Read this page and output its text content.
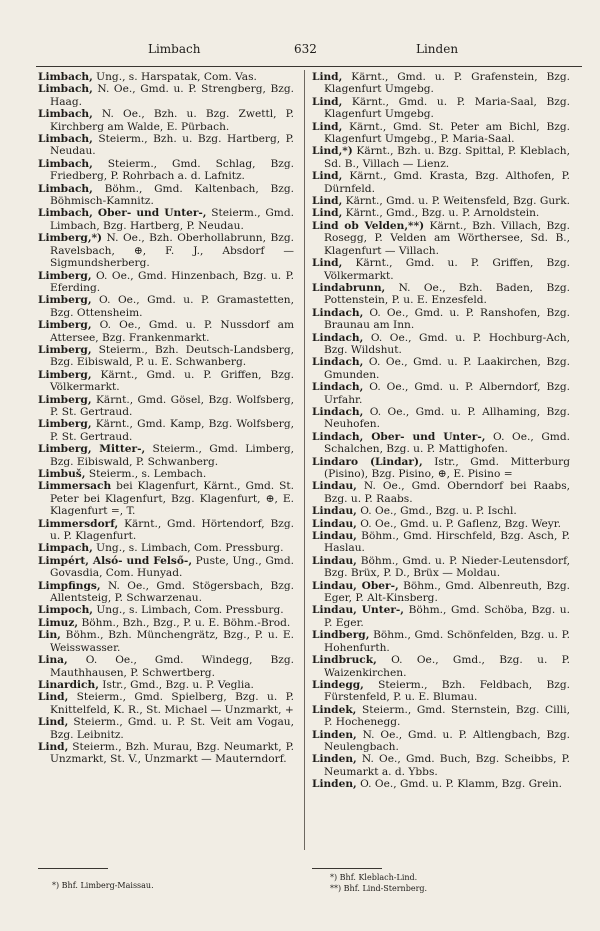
Limbach	632	Linden
Limbach, Ung., s. Harspatak, Com. Vas.
Limbach, N. Oe., Gmd. u. P. Strengberg, Bzg. Haag.
Limbach, N. Oe., Bzh. u. Bzg. Zwettl, P. Kirchberg am Walde, E. Pürbach.
Limbach, Steierm., Bzh. u. Bzg. Hartberg, P. Neudau.
Limbach, Steierm., Gmd. Schlag, Bzg. Friedberg, P. Rohrbach a. d. Lafnitz.
Limbach, Böhm., Gmd. Kaltenbach, Bzg. Böhmisch-Kamnitz.
Limbach, Ober- und Unter-, Steierm., Gmd. Limbach, Bzg. Hartberg, P. Neudau.
Limberg,*) N. Oe., Bzh. Oberhollabrunn, Bzg. Ravelsbach, ⊕, F. J., Absdorf — Sigmundsherberg.
Limberg, O. Oe., Gmd. Hinzenbach, Bzg. u. P. Eferding.
Limberg, O. Oe., Gmd. u. P. Gramastetten, Bzg. Ottensheim.
Limberg, O. Oe., Gmd. u. P. Nussdorf am Attersee, Bzg. Frankenmarkt.
Limberg, Steierm., Bzh. Deutsch-Landsberg, Bzg. Eibiswald, P. u. E. Schwanberg.
Limberg, Kärnt., Gmd. u. P. Griffen, Bzg. Völkermarkt.
Limberg, Kärnt., Gmd. Gösel, Bzg. Wolfsberg, P. St. Gertraud.
Limberg, Kärnt., Gmd. Kamp, Bzg. Wolfsberg, P. St. Gertraud.
Limberg, Mitter-, Steierm., Gmd. Limberg, Bzg. Eibiswald, P. Schwanberg.
Limbuš, Steierm., s. Lembach.
Limmersach bei Klagenfurt, Kärnt., Gmd. St. Peter bei Klagenfurt, Bzg. Klagenfurt, ⊕, E. Klagenfurt =, T.
Limmersdorf, Kärnt., Gmd. Hörtendorf, Bzg. u. P. Klagenfurt.
Limpach, Ung., s. Limbach, Com. Pressburg.
Limpért, Alsó- und Felső-, Puste, Ung., Gmd. Govasdia, Com. Hunyad.
Limpfings, N. Oe., Gmd. Stögersbach, Bzg. Allentsteig, P. Schwarzenau.
Limpoch, Ung., s. Limbach, Com. Pressburg.
Limuz, Böhm., Bzh., Bzg., P. u. E. Böhm.-Brod.
Lin, Böhm., Bzh. Münchengrätz, Bzg., P. u. E. Weisswasser.
Lina, O. Oe., Gmd. Windegg, Bzg. Mauthhausen, P. Schwertberg.
Linardich, Istr., Gmd., Bzg. u. P. Veglia.
Lind, Steierm., Gmd. Spielberg, Bzg. u. P. Knittelfeld, K. R., St. Michael — Unzmarkt, +
Lind, Steierm., Gmd. u. P. St. Veit am Vogau, Bzg. Leibnitz.
Lind, Steierm., Bzh. Murau, Bzg. Neumarkt, P. Unzmarkt, St. V., Unzmarkt — Mauterndorf.
Lind, Kärnt., Gmd. u. P. Grafenstein, Bzg. Klagenfurt Umgebg.
Lind, Kärnt., Gmd. u. P. Maria-Saal, Bzg. Klagenfurt Umgebg.
Lind, Kärnt., Gmd. St. Peter am Bichl, Bzg. Klagenfurt Umgebg., P. Maria-Saal.
Lind,*) Kärnt., Bzh. u. Bzg. Spittal, P. Kleblach, Sd. B., Villach — Lienz.
Lind, Kärnt., Gmd. Krasta, Bzg. Althofen, P. Dürnfeld.
Lind, Kärnt., Gmd. u. P. Weitensfeld, Bzg. Gurk.
Lind, Kärnt., Gmd., Bzg. u. P. Arnoldstein.
Lind ob Velden,**) Kärnt., Bzh. Villach, Bzg. Rosegg, P. Velden am Wörthersee, Sd. B., Klagenfurt — Villach.
Lind, Kärnt., Gmd. u. P. Griffen, Bzg. Völkermarkt.
Lindabrunn, N. Oe., Bzh. Baden, Bzg. Pottenstein, P. u. E. Enzesfeld.
Lindach, O. Oe., Gmd. u. P. Ranshofen, Bzg. Braunau am Inn.
Lindach, O. Oe., Gmd. u. P. Hochburg-Ach, Bzg. Wildshut.
Lindach, O. Oe., Gmd. u. P. Laakirchen, Bzg. Gmunden.
Lindach, O. Oe., Gmd. u. P. Alberndorf, Bzg. Urfahr.
Lindach, O. Oe., Gmd. u. P. Allhaming, Bzg. Neuhofen.
Lindach, Ober- und Unter-, O. Oe., Gmd. Schalchen, Bzg. u. P. Mattighofen.
Lindaro (Lindar), Istr., Gmd. Mitterburg (Pisino), Bzg. Pisino, ⊕, E. Pisino =
Lindau, N. Oe., Gmd. Oberndorf bei Raabs, Bzg. u. P. Raabs.
Lindau, O. Oe., Gmd., Bzg. u. P. Ischl.
Lindau, O. Oe., Gmd. u. P. Gaflenz, Bzg. Weyr.
Lindau, Böhm., Gmd. Hirschfeld, Bzg. Asch, P. Haslau.
Lindau, Böhm., Gmd. u. P. Nieder-Leutensdorf, Bzg. Brüx, P. D., Brüx — Moldau.
Lindau, Ober-, Böhm., Gmd. Albenreuth, Bzg. Eger, P. Alt-Kinsberg.
Lindau, Unter-, Böhm., Gmd. Schöba, Bzg. u. P. Eger.
Lindberg, Böhm., Gmd. Schönfelden, Bzg. u. P. Hohenfurth.
Lindbruck, O. Oe., Gmd., Bzg. u. P. Waizenkirchen.
Lindegg, Steierm., Bzh. Feldbach, Bzg. Fürstenfeld, P. u. E. Blumau.
Lindek, Steierm., Gmd. Sternstein, Bzg. Cilli, P. Hochenegg.
Linden, N. Oe., Gmd. u. P. Altlengbach, Bzg. Neulengbach.
Linden, N. Oe., Gmd. Buch, Bzg. Scheibbs, P. Neumarkt a. d. Ybbs.
Linden, O. Oe., Gmd. u. P. Klamm, Bzg. Grein.
*) Bhf. Limberg-Maissau.
*) Bhf. Kleblach-Lind.
**) Bhf. Lind-Sternberg.
